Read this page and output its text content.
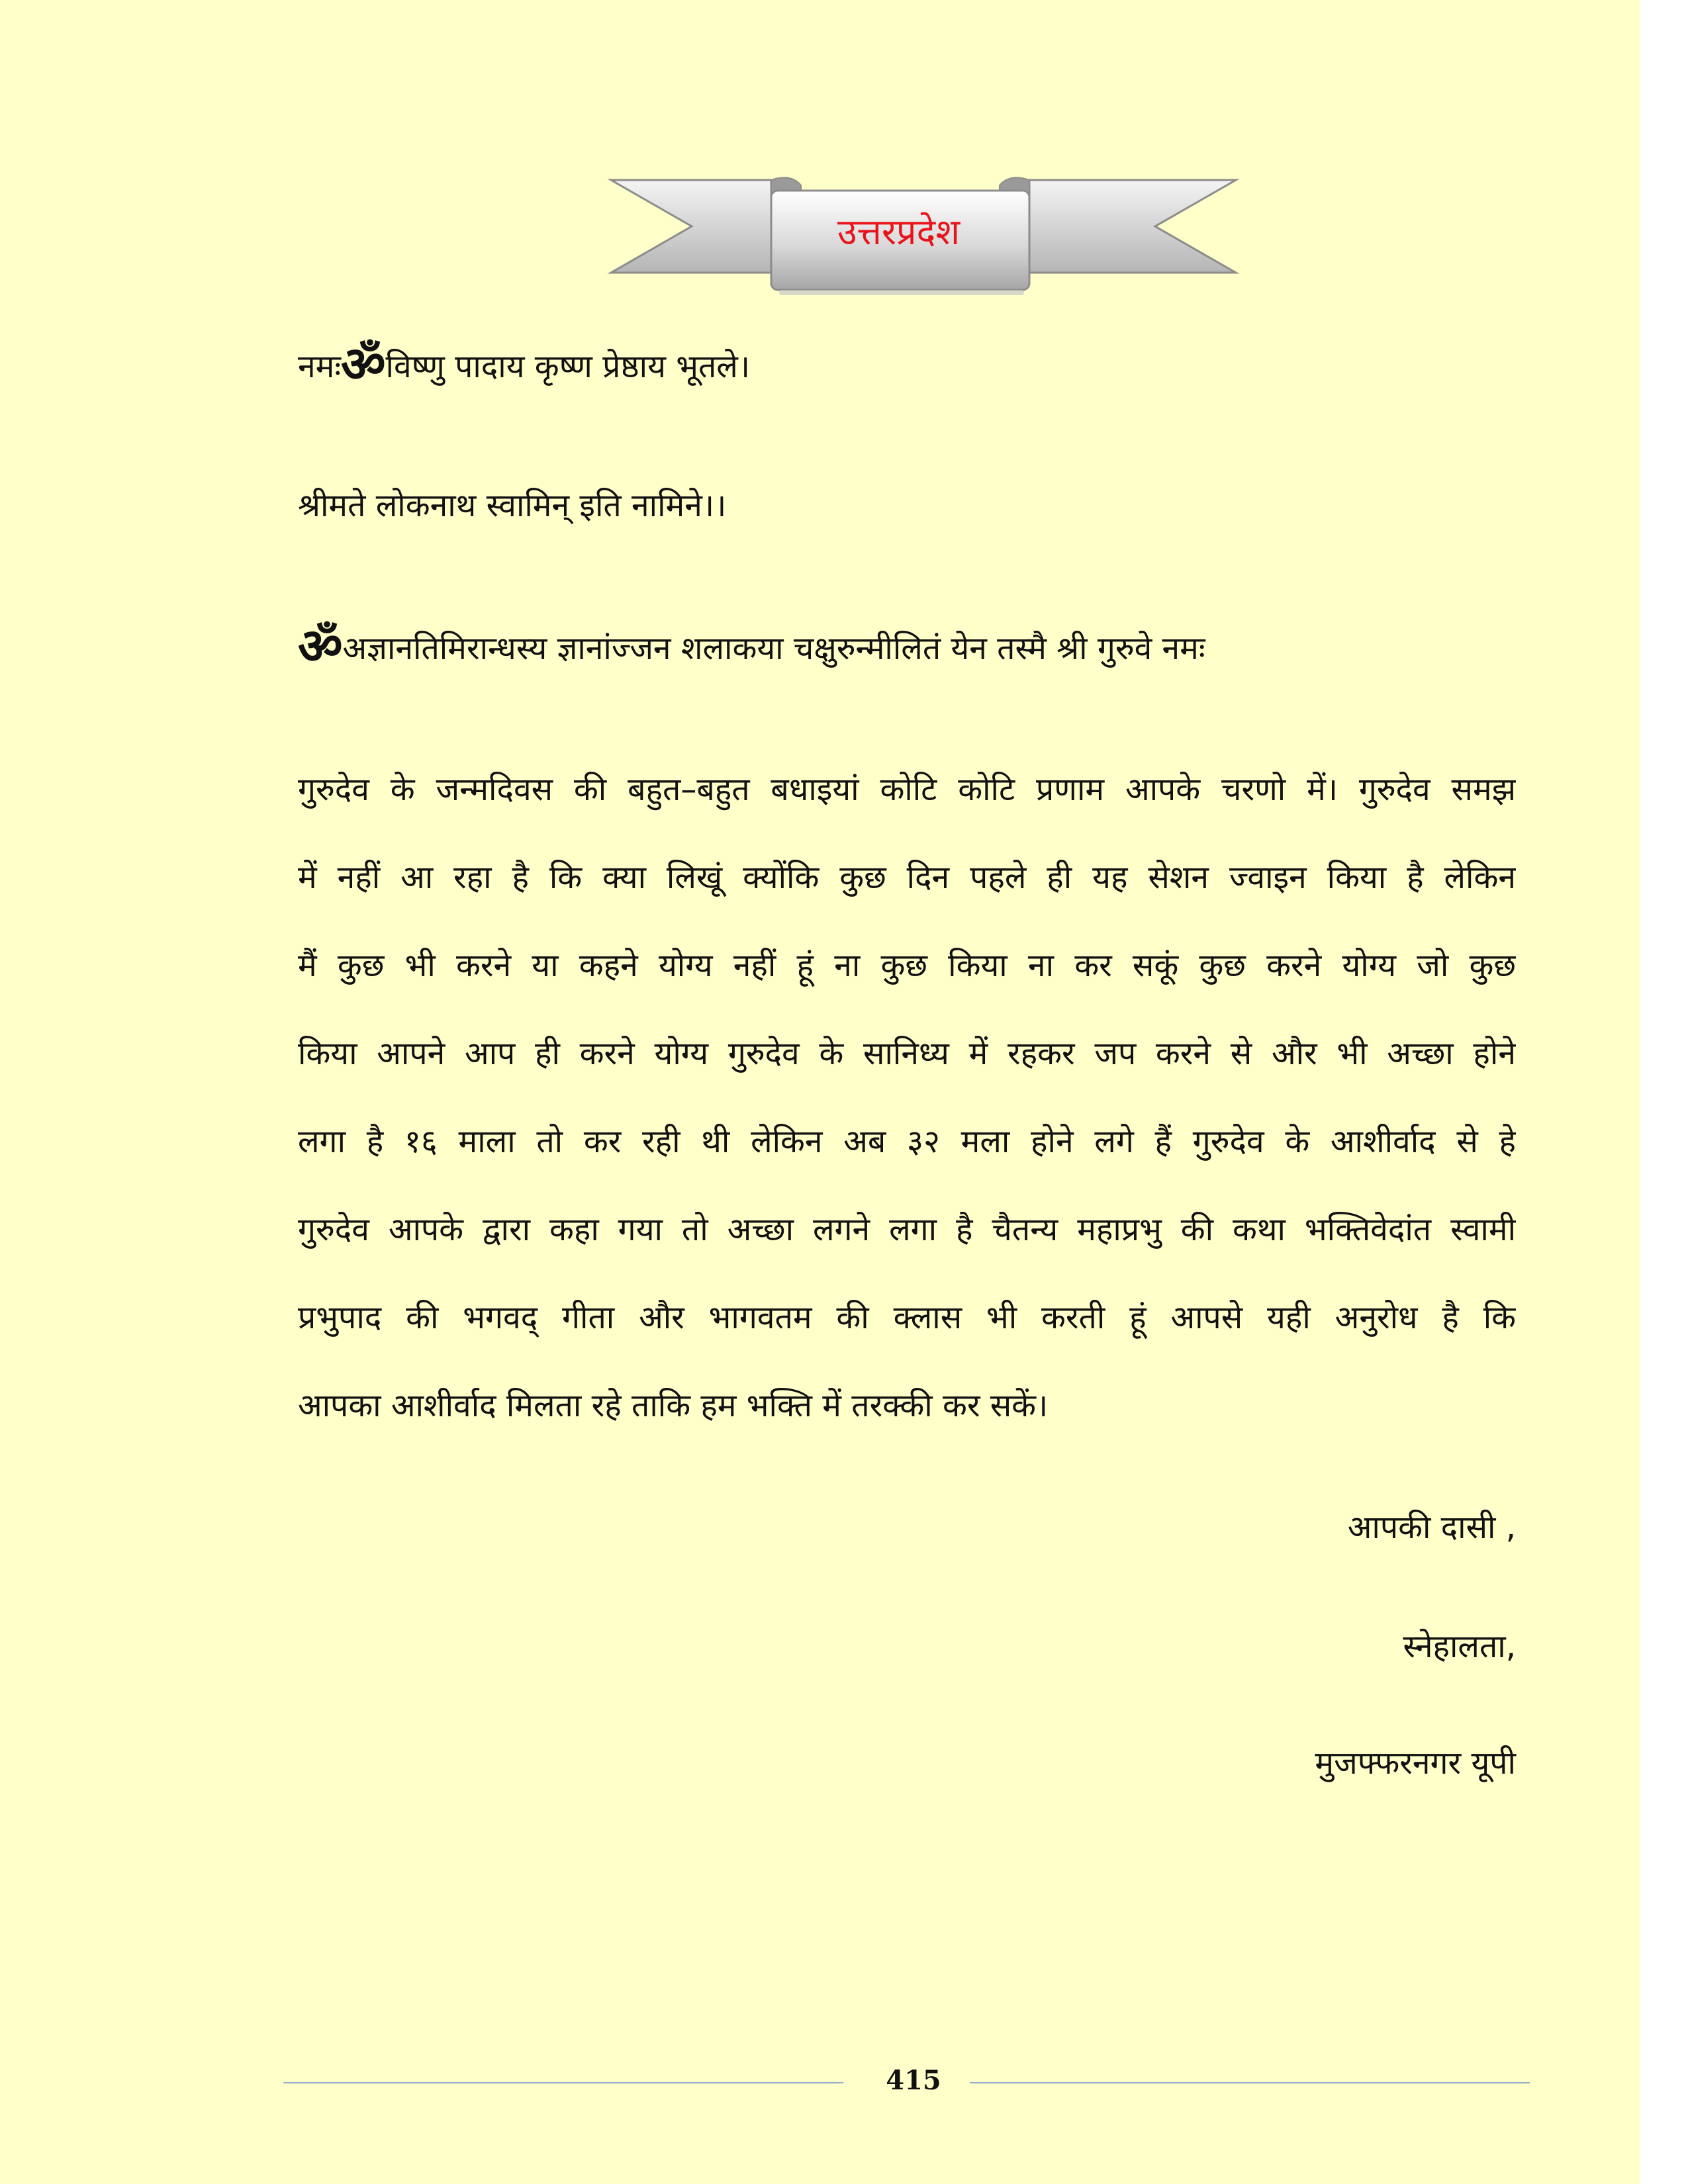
उत्तरप्रदेश
नमःॐविष्णु पादाय कृष्ण प्रेष्ठाय भूतले।
श्रीमते लोकनाथ स्वामिन् इति नामिने।।
ॐअज्ञानतिमिरान्धस्य ज्ञानांज्जन शलाकया चक्षुरुन्मीलितं येन तस्मै श्री गुरुवे नमः
गुरुदेव के जन्मदिवस की बहुत–बहुत बधाइयां कोटि कोटि प्रणाम आपके चरणो में। गुरुदेव समझ
में नहीं आ रहा है कि क्या लिखूं क्योंकि कुछ दिन पहले ही यह सेशन ज्वाइन किया है लेकिन
मैं कुछ भी करने या कहने योग्य नहीं हूं ना कुछ किया ना कर सकूं कुछ करने योग्य जो कुछ
किया आपने आप ही करने योग्य गुरुदेव के सानिध्य में रहकर जप करने से और भी अच्छा होने
लगा है १६ माला तो कर रही थी लेकिन अब ३२ मला होने लगे हैं गुरुदेव के आशीर्वाद से हे
गुरुदेव आपके द्वारा कहा गया तो अच्छा लगने लगा है चैतन्य महाप्रभु की कथा भक्तिवेदांत स्वामी
प्रभुपाद की भगवद् गीता और भागवतम की क्लास भी करती हूं आपसे यही अनुरोध है कि
आपका आशीर्वाद मिलता रहे ताकि हम भक्ति में तरक्की कर सकें।
आपकी दासी ,
स्नेहालता,
मुजफ्फरनगर यूपी
415
